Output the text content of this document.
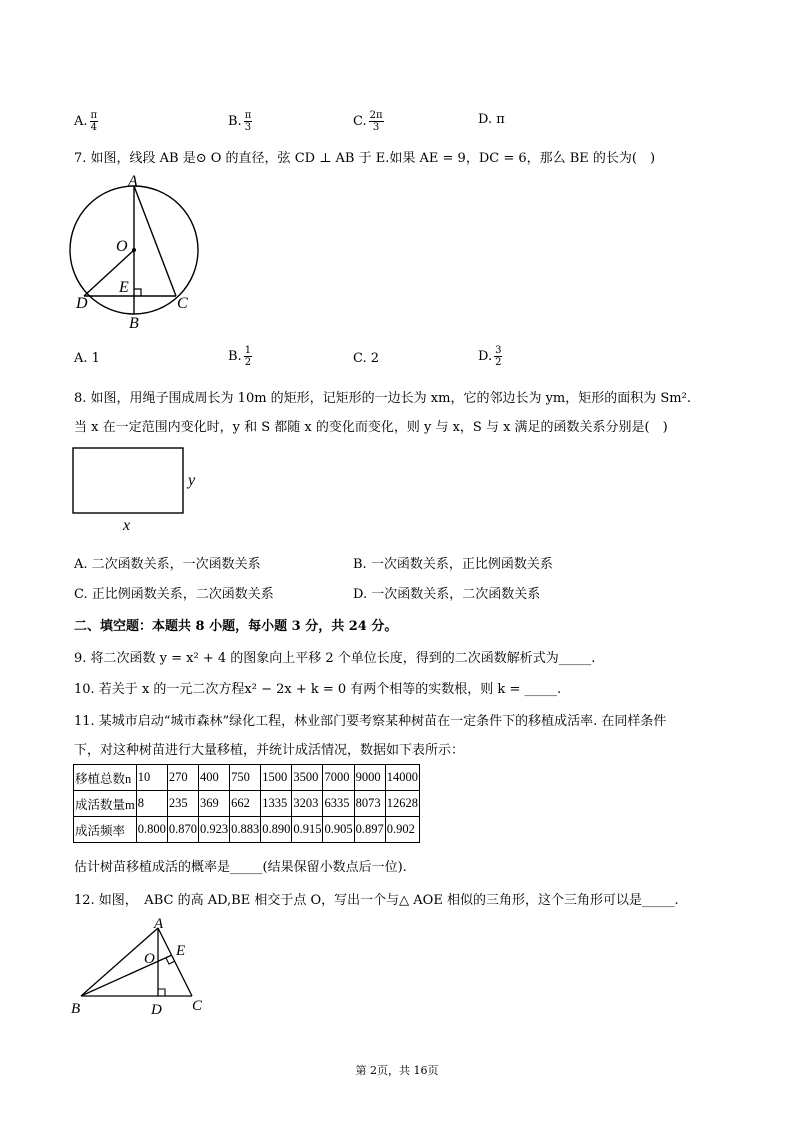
A. $\frac{\pi}{4}$	B. $\frac{\pi}{3}$	C. $\frac{2\pi}{3}$	D. π
7. 如图，线段 AB 是⊙ O 的直径，弦 CD ⊥ AB 于 E.如果 AE = 9，DC = 6，那么 BE 的长为(　)
A
O
E
D
B
C
A. 1	B. $\frac{1}{2}$	C. 2	D. $\frac{3}{2}$
8. 如图，用绳子围成周长为 10m 的矩形，记矩形的一边长为 xm，它的邻边长为 ym，矩形的面积为 Sm².
当 x 在一定范围内变化时，y 和 S 都随 x 的变化而变化，则 y 与 x，S 与 x 满足的函数关系分别是(　)
y
x
A. 二次函数关系，一次函数关系	B. 一次函数关系，正比例函数关系
C. 正比例函数关系，二次函数关系	D. 一次函数关系，二次函数关系
二、填空题：本题共 8 小题，每小题 3 分，共 24 分。
9. 将二次函数 y = x² + 4 的图象向上平移 2 个单位长度，得到的二次函数解析式为_____.
10. 若关于 x 的一元二次方程x² − 2x + k = 0 有两个相等的实数根，则 k = _____.
11. 某城市启动“城市森林”绿化工程，林业部门要考察某种树苗在一定条件下的移植成活率. 在同样条件
下，对这种树苗进行大量移植，并统计成活情况，数据如下表所示：
移植总数n	10	270	400	750	1500	3500	7000	9000	14000
成活数量m	8	235	369	662	1335	3203	6335	8073	12628
成活频率	0.800	0.870	0.923	0.883	0.890	0.915	0.905	0.897	0.902
估计树苗移植成活的概率是_____(结果保留小数点后一位).
12. 如图，　ABC 的高 AD,BE 相交于点 O，写出一个与△ AOE 相似的三角形，这个三角形可以是_____.
A
E
O
B	D C
第 2页，共 16页
